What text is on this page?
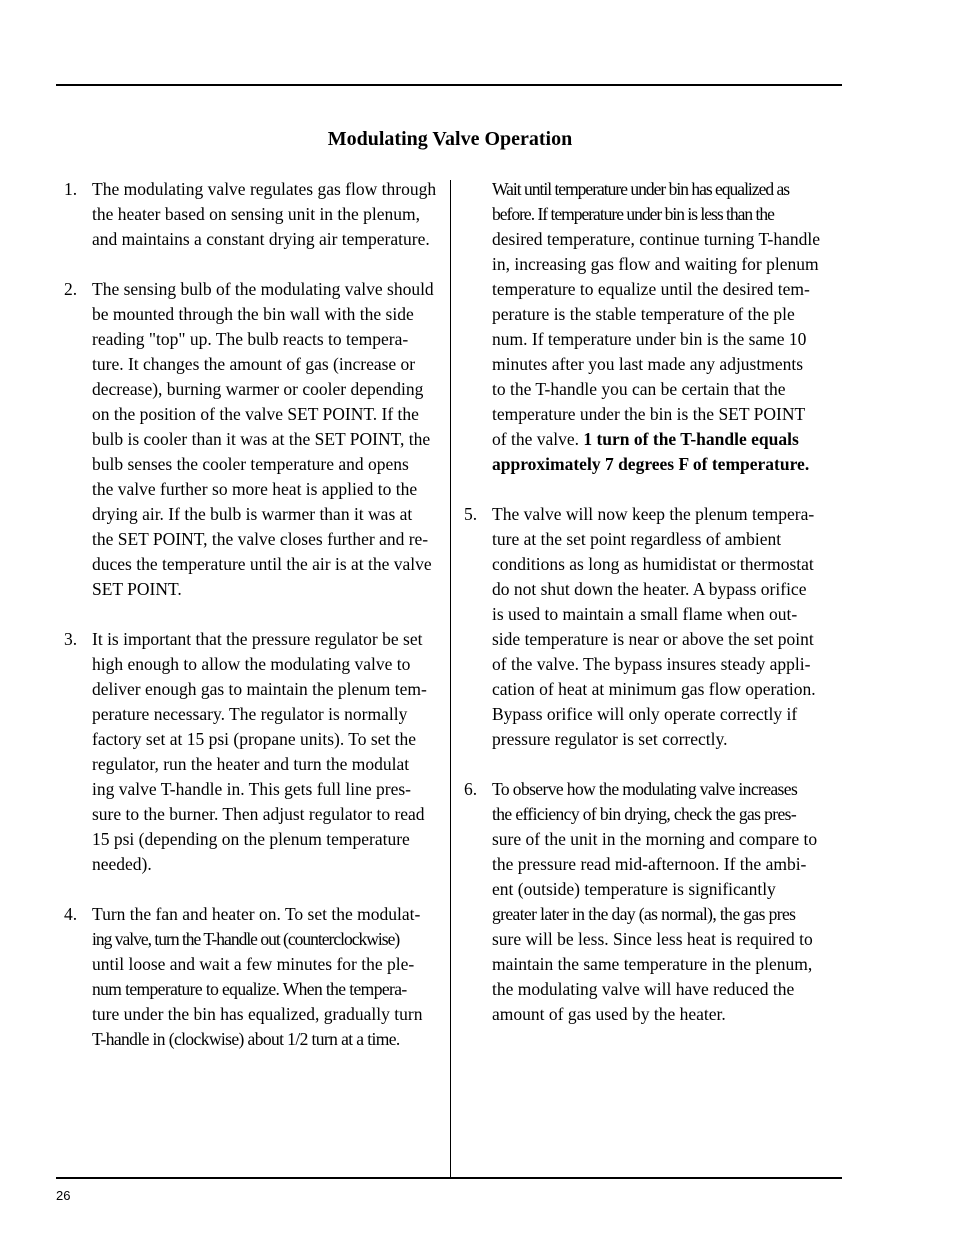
Modulating Valve Operation
1. The modulating valve regulates gas flow through
the heater based on sensing unit in the plenum,
and maintains a constant drying air temperature.
2. The sensing bulb of the modulating valve should
be mounted through the bin wall with the side
reading "top" up. The bulb reacts to tempera-
ture. It changes the amount of gas (increase or
decrease), burning warmer or cooler depending
on the position of the valve SET POINT. If the
bulb is cooler than it was at the SET POINT, the
bulb senses the cooler temperature and opens
the valve further so more heat is applied to the
drying air. If the bulb is warmer than it was at
the SET POINT, the valve closes further and re-
duces the temperature until the air is at the valve
SET POINT.
3. It is important that the pressure regulator be set
high enough to allow the modulating valve to
deliver enough gas to maintain the plenum tem-
perature necessary. The regulator is normally
factory set at 15 psi (propane units). To set the
regulator, run the heater and turn the modulat
ing valve T-handle in. This gets full line pres-
sure to the burner. Then adjust regulator to read
15 psi (depending on the plenum temperature
needed).
4. Turn the fan and heater on. To set the modulat-
ing valve, turn the T-handle out (counterclockwise)
until loose and wait a few minutes for the ple-
num temperature to equalize. When the tempera-
ture under the bin has equalized, gradually turn
T-handle in (clockwise) about 1/2 turn at a time.
Wait until temperature under bin has equalized as
before. If temperature under bin is less than the
desired temperature, continue turning T-handle
in, increasing gas flow and waiting for plenum
temperature to equalize until the desired tem-
perature is the stable temperature of the ple
num. If temperature under bin is the same 10
minutes after you last made any adjustments
to the T-handle you can be certain that the
temperature under the bin is the SET POINT
of the valve. 1 turn of the T-handle equals
approximately 7 degrees F of temperature.
5. The valve will now keep the plenum tempera-
ture at the set point regardless of ambient
conditions as long as humidistat or thermostat
do not shut down the heater. A bypass orifice
is used to maintain a small flame when out-
side temperature is near or above the set point
of the valve. The bypass insures steady appli-
cation of heat at minimum gas flow operation.
Bypass orifice will only operate correctly if
pressure regulator is set correctly.
6. To observe how the modulating valve increases
the efficiency of bin drying, check the gas pres-
sure of the unit in the morning and compare to
the pressure read mid-afternoon. If the ambi-
ent (outside) temperature is significantly
greater later in the day (as normal), the gas pres
sure will be less. Since less heat is required to
maintain the same temperature in the plenum,
the modulating valve will have reduced the
amount of gas used by the heater.
26
